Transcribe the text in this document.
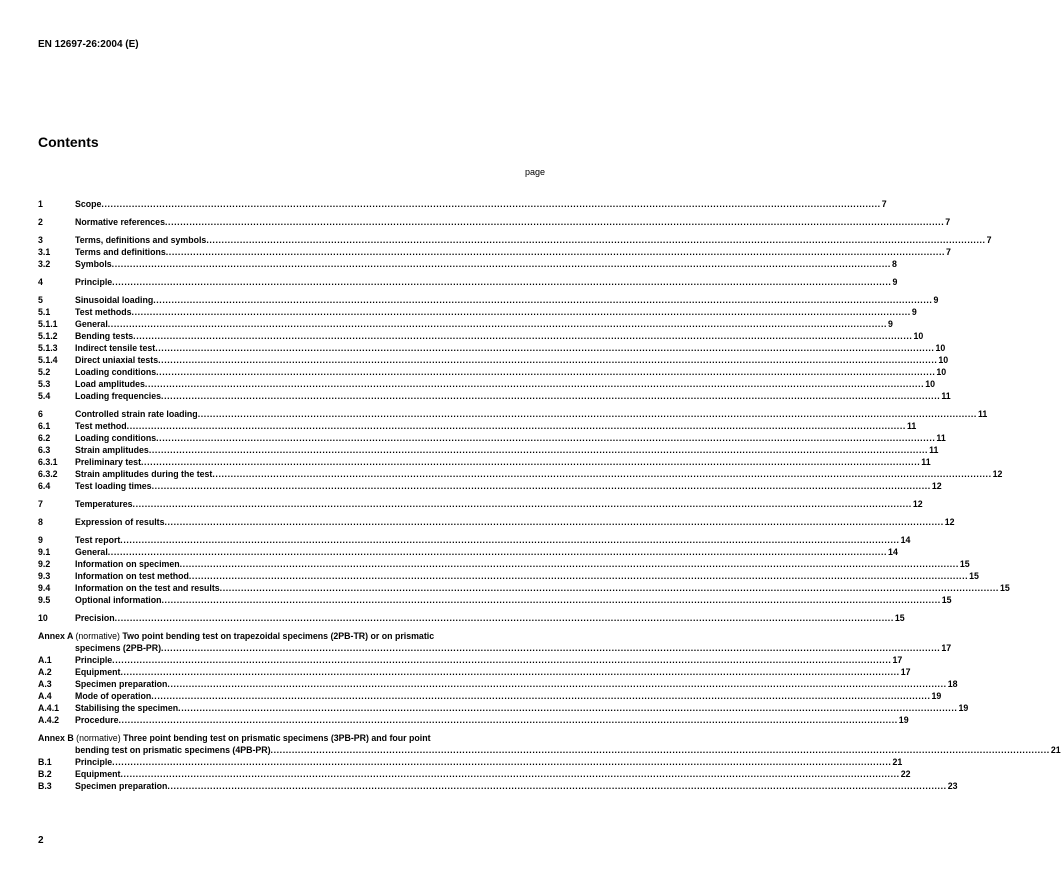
EN 12697-26:2004 (E)
Contents
page
1	Scope .....	7
2	Normative references .....	7
3	Terms, definitions and symbols .....	7
3.1	Terms and definitions .....	7
3.2	Symbols .....	8
4	Principle .....	9
5	Sinusoidal loading .....	9
5.1	Test methods .....	9
5.1.1	General .....	9
5.1.2	Bending tests .....	10
5.1.3	Indirect tensile test .....	10
5.1.4	Direct uniaxial tests .....	10
5.2	Loading conditions .....	10
5.3	Load amplitudes .....	10
5.4	Loading frequencies .....	11
6	Controlled strain rate loading .....	11
6.1	Test method .....	11
6.2	Loading conditions .....	11
6.3	Strain amplitudes .....	11
6.3.1	Preliminary test .....	11
6.3.2	Strain amplitudes during the test .....	12
6.4	Test loading times .....	12
7	Temperatures .....	12
8	Expression of results .....	12
9	Test report .....	14
9.1	General .....	14
9.2	Information on specimen .....	15
9.3	Information on test method .....	15
9.4	Information on the test and results .....	15
9.5	Optional information .....	15
10	Precision .....	15
Annex A (normative) Two point bending test on trapezoidal specimens (2PB-TR) or on prismatic
specimens (2PB-PR) .....	17
A.1	Principle .....	17
A.2	Equipment .....	17
A.3	Specimen preparation .....	18
A.4	Mode of operation .....	19
A.4.1	Stabilising the specimen .....	19
A.4.2	Procedure .....	19
Annex B (normative) Three point bending test on prismatic specimens (3PB-PR) and four point
bending test on prismatic specimens (4PB-PR) .....	21
B.1	Principle .....	21
B.2	Equipment .....	22
B.3	Specimen preparation .....	23
2
